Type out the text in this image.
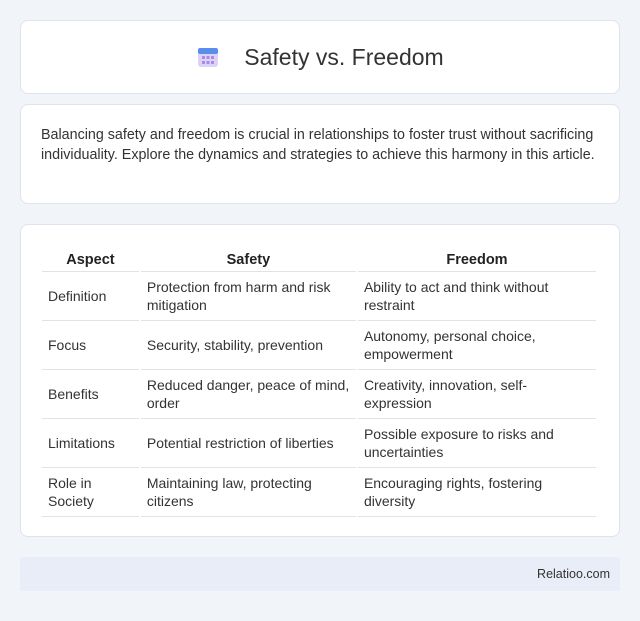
Safety vs. Freedom

Balancing safety and freedom is crucial in relationships to foster trust without sacrificing individuality. Explore the dynamics and strategies to achieve this harmony in this article.

Aspect	Safety	Freedom
Definition	Protection from harm and risk mitigation	Ability to act and think without restraint
Focus	Security, stability, prevention	Autonomy, personal choice, empowerment
Benefits	Reduced danger, peace of mind, order	Creativity, innovation, self-expression
Limitations	Potential restriction of liberties	Possible exposure to risks and uncertainties
Role in Society	Maintaining law, protecting citizens	Encouraging rights, fostering diversity
Relatioo.com
